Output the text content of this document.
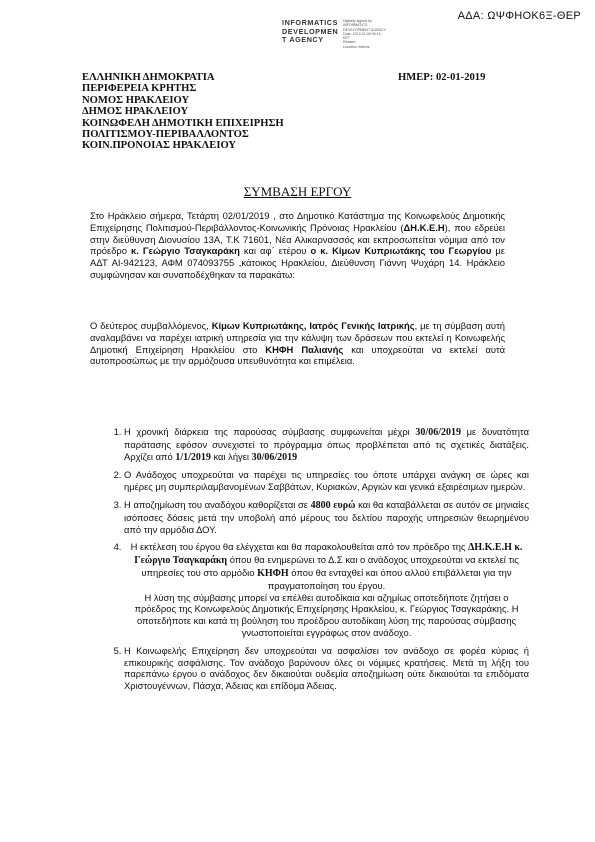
ΑΔΑ: ΩΨΦΗΟΚ6Ξ-ΘΕΡ
INFORMATICS
DEVELOPMEN
T AGENCY
Digitally signed by
INFORMATICS
DEVELOPMENT AGENCY
Date: 2019.01.08 09:16
EET
Reason:
Location: Athens
ΕΛΛΗΝΙΚΗ ΔΗΜΟΚΡΑΤΙΑ
ΠΕΡΙΦΕΡΕΙΑ ΚΡΗΤΗΣ
ΝΟΜΟΣ ΗΡΑΚΛΕΙΟΥ
ΔΗΜΟΣ ΗΡΑΚΛΕΙΟΥ
ΚΟΙΝΩΦΕΛΗ ΔΗΜΟΤΙΚΗ ΕΠΙΧΕΙΡΗΣΗ
ΠΟΛΙΤΙΣΜΟΥ-ΠΕΡΙΒΑΛΛΟΝΤΟΣ
ΚΟΙΝ.ΠΡΟΝΟΙΑΣ ΗΡΑΚΛΕΙΟΥ
ΗΜΕΡ: 02-01-2019
ΣΥΜΒΑΣΗ ΕΡΓΟΥ
Στο Ηράκλειο σήμερα, Τετάρτη 02/01/2019 , στο Δημοτικό Κατάστημα της Κοινωφελούς Δημοτικής Επιχείρησης Πολιτισμού-Περιβάλλοντος-Κοινωνικής Πρόνοιας Ηρακλείου (ΔΗ.Κ.Ε.Η), που εδρεύει στην διεύθυνση Διονυσίου 13Α, Τ.Κ 71601, Νέα Αλικαρνασσός και εκπροσωπείται νόμιμα από τον πρόεδρο κ. Γεώργιο Τσαγκαράκη και αφ΄ ετέρου ο κ. Κίμων Κυπριωτάκης του Γεωργίου με ΑΔΤ ΑΙ-942123, ΑΦΜ 074093755 ,κάτοικος Ηρακλείου, Διεύθυνση Γιάννη Ψυχάρη 14. Ηράκλειο συμφώνησαν και συναποδέχθηκαν τα παρακάτω:
Ο δεύτερος συμβαλλόμενος, Κίμων Κυπριωτάκης, Ιατρός Γενικής Ιατρικής, με τη σύμβαση αυτή αναλαμβάνει να παρέχει ιατρική υπηρεσία για την κάλυψη των δράσεων που εκτελεί η Κοινωφελής Δημοτική Επιχείρηση Ηρακλείου στο ΚΗΦΗ Παλιανής και υποχρεούται να εκτελεί αυτά αυτοπροσώπως με την αρμόζουσα υπευθυνότητα και επιμέλεια.
1. Η χρονική διάρκεια της παρούσας σύμβασης συμφωνείται μέχρι 30/06/2019 με δυνατότητα παράτασης εφόσον συνεχιστεί το πρόγραμμα όπως προβλέπεται από τις σχετικές διατάξεις. Αρχίζει από 1/1/2019 και λήγει 30/06/2019
2. Ο Ανάδοχος υποχρεούται να παρέχει τις υπηρεσίες του όποτε υπάρχει ανάγκη σε ώρες και ημέρες μη συμπεριλαμβανομένων Σαββάτων, Κυριακών, Αργιών και γενικά εξαιρέσιμων ημερών.
3. Η αποζημίωση του αναδόχου καθορίζεται σε 4800 ευρώ και θα καταβάλλεται σε αυτόν σε μηνιαίες ισόποσες δόσεις μετά την υποβολή από μέρους του δελτίου παροχής υπηρεσιών θεωρημένου από την αρμόδια ΔΟΥ.
4. Η εκτέλεση του έργου θα ελέγχεται και θα παρακολουθείται από τον πρόεδρο της ΔΗ.Κ.Ε.Η κ. Γεώργιο Τσαγκαράκη όπου θα ενημερώνει το Δ.Σ και ο ανάδοχος υποχρεούται να εκτελεί τις υπηρεσίες του στο αρμόδιο ΚΗΦΗ όπου θα ενταχθεί και όπου αλλού επιβάλλεται για την πραγματοποίηση του έργου.
Η λύση της σύμβασης μπορεί να επέλθει αυτοδίκαια και αζημίως οποτεδήποτε ζητήσει ο πρόεδρος της Κοινωφελούς Δημοτικής Επιχείρησης Ηρακλείου, κ. Γεώργιος Τσαγκαράκης. Η οποτεδήποτε και κατά τη βούληση του προέδρου αυτοδίκαιη λύση της παρούσας σύμβασης γνωστοποιείται εγγράφως στον ανάδοχο.
5. Η Κοινωφελής Επιχείρηση δεν υποχρεούται να ασφαλίσει τον ανάδοχο σε φορέα κύριας ή επικουρικής ασφάλισης. Τον ανάδοχο βαρύνουν όλες οι νόμιμες κρατήσεις. Μετά τη λήξη του παρεπάνω έργου ο ανάδοχος δεν δικαιούται ουδεμία αποζημίωση ούτε δικαιούται τα επιδόματα Χριστουγέννων, Πάσχα, Άδειας και επίδομα Άδειας.
